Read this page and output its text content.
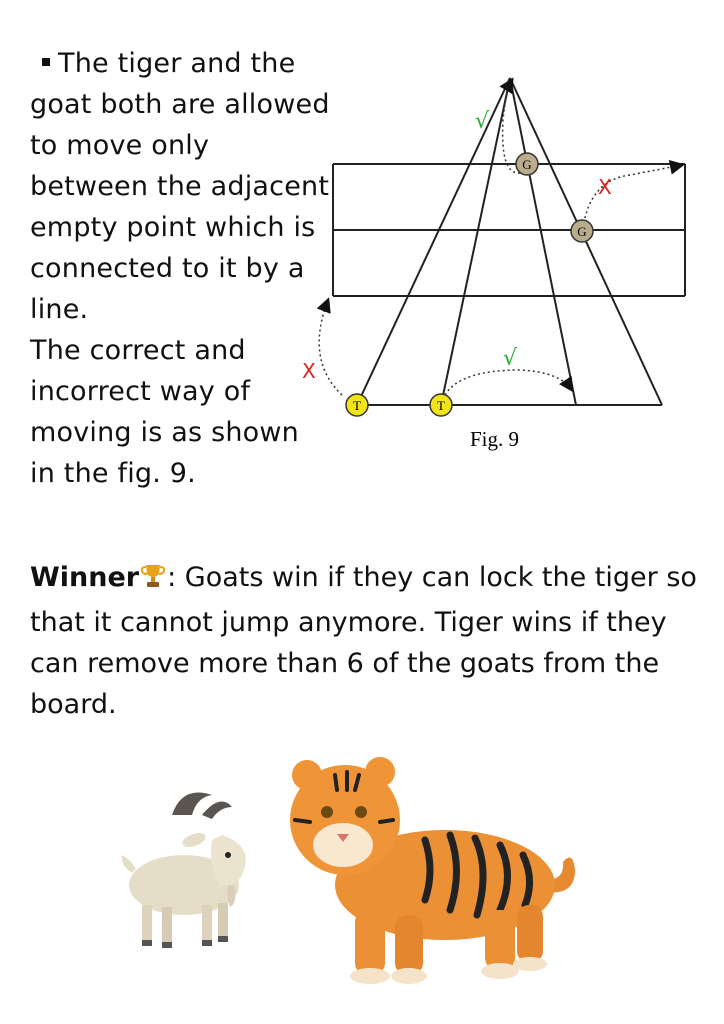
The tiger and the goat both are allowed to move only between the adjacent empty point which is connected to it by a line.
The correct and incorrect way of moving is as shown in the fig. 9.
√
X
X	√
G
G
T	T
Fig. 9
Winner : Goats win if they can lock the tiger so that it cannot jump anymore. Tiger wins if they can remove more than 6 of the goats from the board.
